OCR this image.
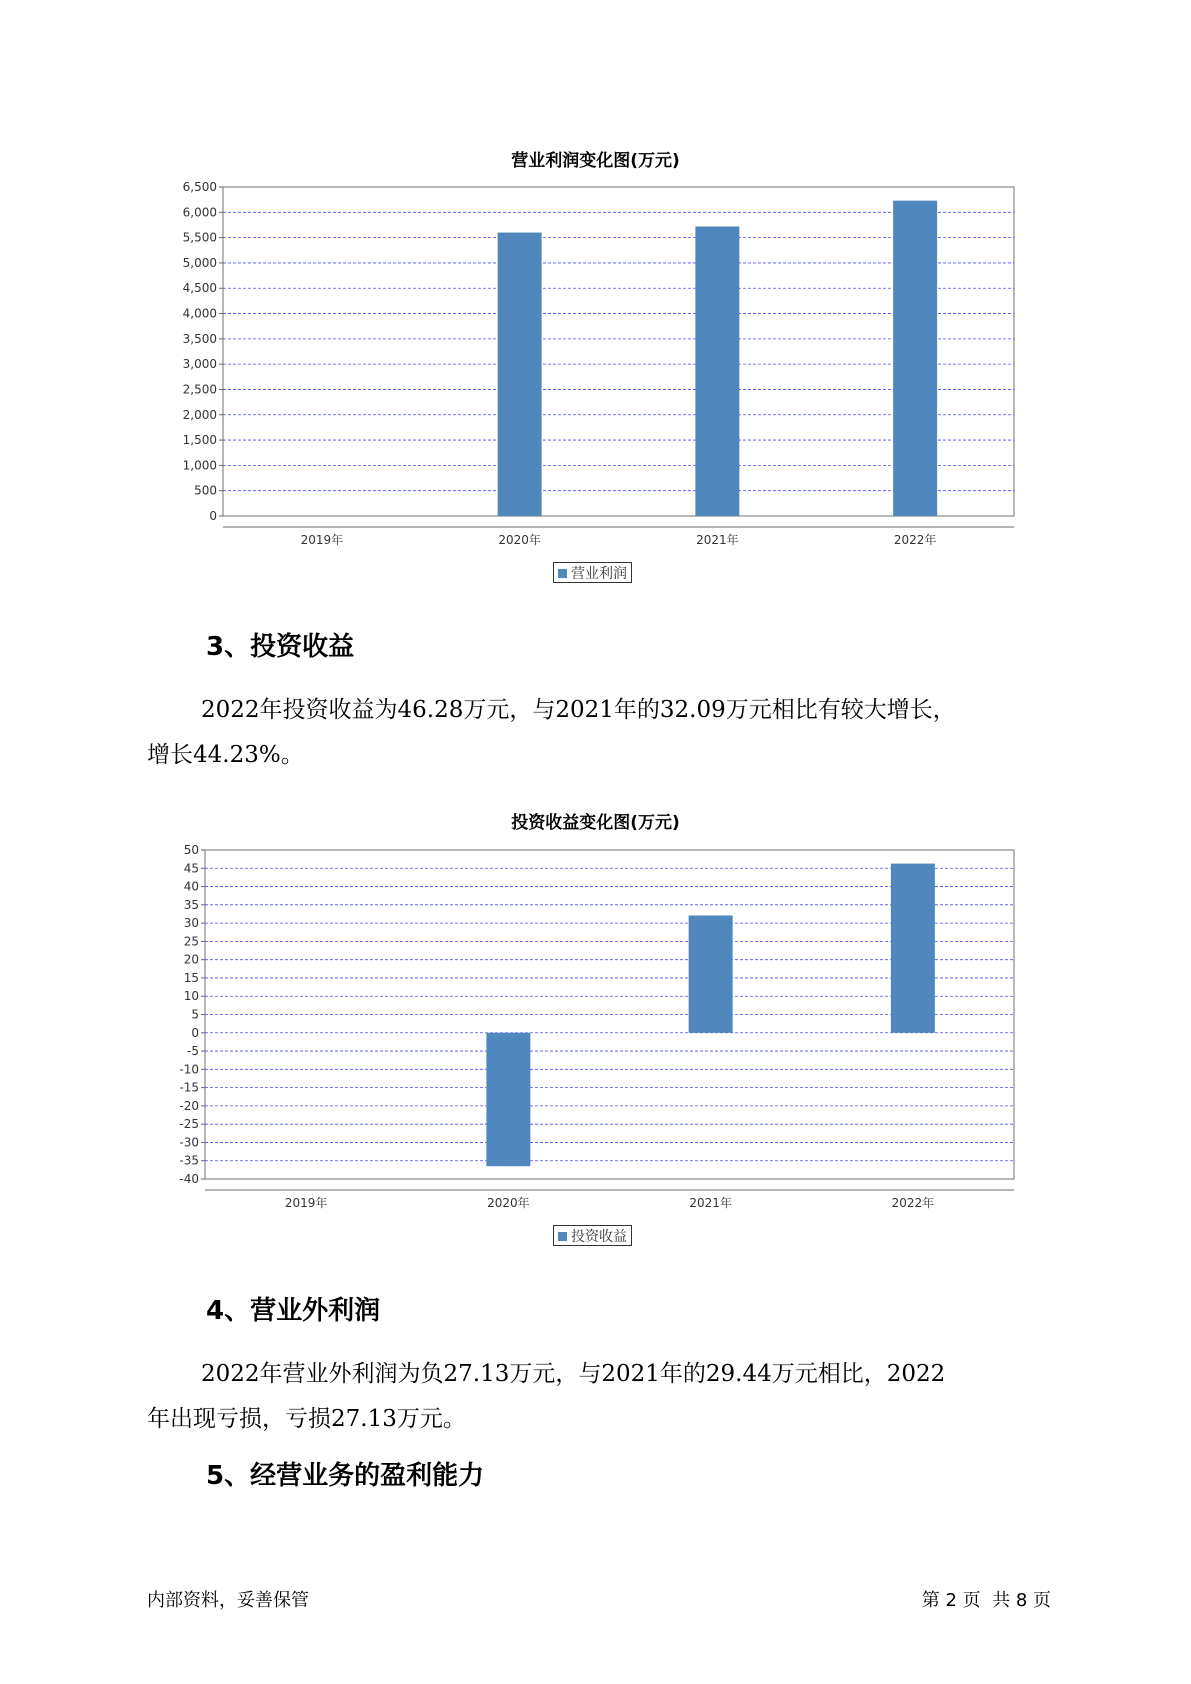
营业利润变化图(万元)
0
500
1,000
1,500
2,000
2,500
3,000
3,500
4,000
4,500
5,000
5,500
6,000
6,500
2019年	2020年	2021年	2022年
营业利润
3、投资收益
2022年投资收益为46.28万元，与2021年的32.09万元相比有较大增长，
增长44.23%。
投资收益变化图(万元)
-40
-35
-30
-25
-20
-15
-10
-5
0
5
10
15
20
25
30
35
40
45
50
2019年	2020年	2021年	2022年
投资收益
4、营业外利润
2022年营业外利润为负27.13万元，与2021年的29.44万元相比，2022
年出现亏损，亏损27.13万元。
5、经营业务的盈利能力
内部资料，妥善保管	第 2 页  共 8 页
